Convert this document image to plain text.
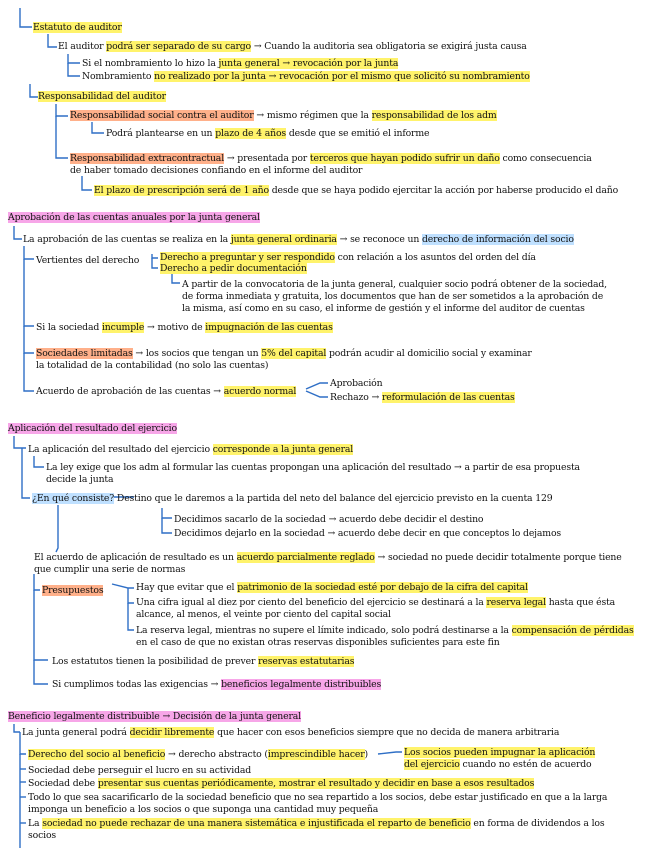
Estatuto de auditor
El auditor podrá ser separado de su cargo → Cuando la auditoria sea obligatoria se exigirá justa causa
Si el nombramiento lo hizo la junta general → revocación por la junta
Nombramiento no realizado por la junta → revocación por el mismo que solicitó su nombramiento
Responsabilidad del auditor
Responsabilidad social contra el auditor → mismo régimen que la responsabilidad de los adm
Podrá plantearse en un plazo de 4 años desde que se emitió el informe
Responsabilidad extracontractual → presentada por terceros que hayan podido sufrir un daño como consecuencia
de haber tomado decisiones confiando en el informe del auditor
El plazo de prescripción será de 1 año desde que se haya podido ejercitar la acción por haberse producido el daño
Aprobación de las cuentas anuales por la junta general
La aprobación de las cuentas se realiza en la junta general ordinaria → se reconoce un derecho de información del socio
Vertientes del derecho Derecho a preguntar y ser respondido con relación a los asuntos del orden del día
Derecho a pedir documentación
A partir de la convocatoria de la junta general, cualquier socio podrá obtener de la sociedad,
de forma inmediata y gratuita, los documentos que han de ser sometidos a la aprobación de
la misma, así como en su caso, el informe de gestión y el informe del auditor de cuentas
Si la sociedad incumple → motivo de impugnación de las cuentas
Sociedades limitadas → los socios que tengan un 5% del capital podrán acudir al domicilio social y examinar
la totalidad de la contabilidad (no solo las cuentas)
Acuerdo de aprobación de las cuentas → acuerdo normal
Aprobación
Rechazo → reformulación de las cuentas
Aplicación del resultado del ejercicio
La aplicación del resultado del ejercicio corresponde a la junta general
La ley exige que los adm al formular las cuentas propongan una aplicación del resultado → a partir de esa propuesta
decide la junta
¿En qué consiste? Destino que le daremos a la partida del neto del balance del ejercicio previsto en la cuenta 129
Decidimos sacarlo de la sociedad → acuerdo debe decidir el destino
Decidimos dejarlo en la sociedad → acuerdo debe decir en que conceptos lo dejamos
El acuerdo de aplicación de resultado es un acuerdo parcialmente reglado → sociedad no puede decidir totalmente porque tiene
que cumplir una serie de normas
Presupuestos	Hay que evitar que el patrimonio de la sociedad esté por debajo de la cifra del capital
Una cifra igual al diez por ciento del beneficio del ejercicio se destinará a la reserva legal hasta que ésta
alcance, al menos, el veinte por ciento del capital social
La reserva legal, mientras no supere el límite indicado, solo podrá destinarse a la compensación de pérdidas
en el caso de que no existan otras reservas disponibles suficientes para este fin
Los estatutos tienen la posibilidad de prever reservas estatutarias
Si cumplimos todas las exigencias → beneficios legalmente distribuibles
Beneficio legalmente distribuible → Decisión de la junta general
La junta general podrá decidir libremente que hacer con esos beneficios siempre que no decida de manera arbitraria
Derecho del socio al beneficio → derecho abstracto (imprescindible hacer)	Los socios pueden impugnar la aplicación
del ejercicio cuando no estén de acuerdo
Sociedad debe perseguir el lucro en su actividad
Sociedad debe presentar sus cuentas periódicamente, mostrar el resultado y decidir en base a esos resultados
Todo lo que sea sacarificarlo de la sociedad beneficio que no sea repartido a los socios, debe estar justificado en que a la larga
imponga un beneficio a los socios o que suponga una cantidad muy pequeña
La sociedad no puede rechazar de una manera sistemática e injustificada el reparto de beneficio en forma de dividendos a los
socios
